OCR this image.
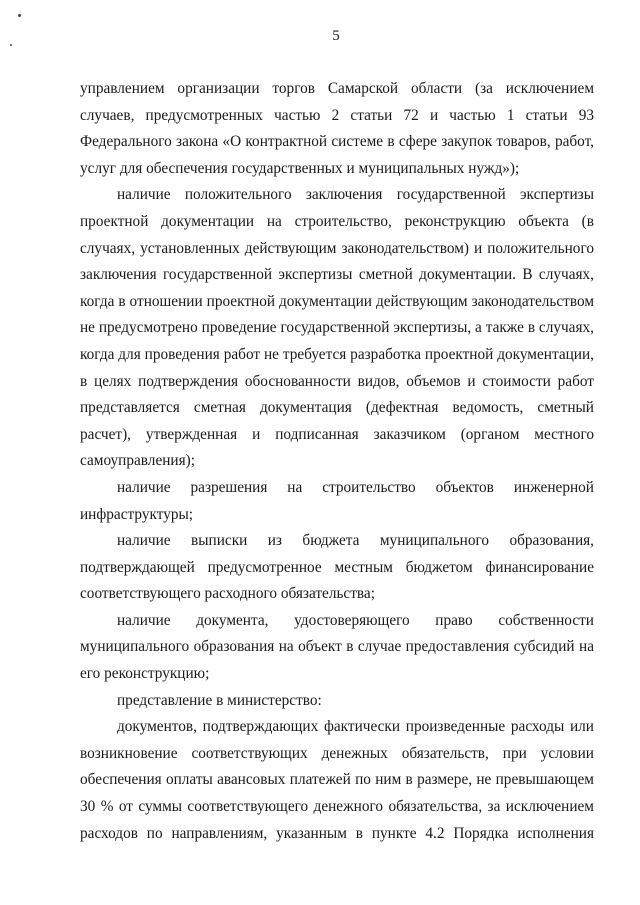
5

управлением организации торгов Самарской области (за исключением случаев, предусмотренных частью 2 статьи 72 и частью 1 статьи 93 Федерального закона «О контрактной системе в сфере закупок товаров, работ, услуг для обеспечения государственных и муниципальных нужд»);

наличие положительного заключения государственной экспертизы проектной документации на строительство, реконструкцию объекта (в случаях, установленных действующим законодательством) и положительного заключения государственной экспертизы сметной документации. В случаях, когда в отношении проектной документации действующим законодательством не предусмотрено проведение государственной экспертизы, а также в случаях, когда для проведения работ не требуется разработка проектной документации, в целях подтверждения обоснованности видов, объемов и стоимости работ представляется сметная документация (дефектная ведомость, сметный расчет), утвержденная и подписанная заказчиком (органом местного самоуправления);

наличие разрешения на строительство объектов инженерной инфраструктуры;

наличие выписки из бюджета муниципального образования, подтверждающей предусмотренное местным бюджетом финансирование соответствующего расходного обязательства;

наличие документа, удостоверяющего право собственности муниципального образования на объект в случае предоставления субсидий на его реконструкцию;

представление в министерство:

документов, подтверждающих фактически произведенные расходы или возникновение соответствующих денежных обязательств, при условии обеспечения оплаты авансовых платежей по ним в размере, не превышающем 30 % от суммы соответствующего денежного обязательства, за исключением расходов по направлениям, указанным в пункте 4.2 Порядка исполнения
